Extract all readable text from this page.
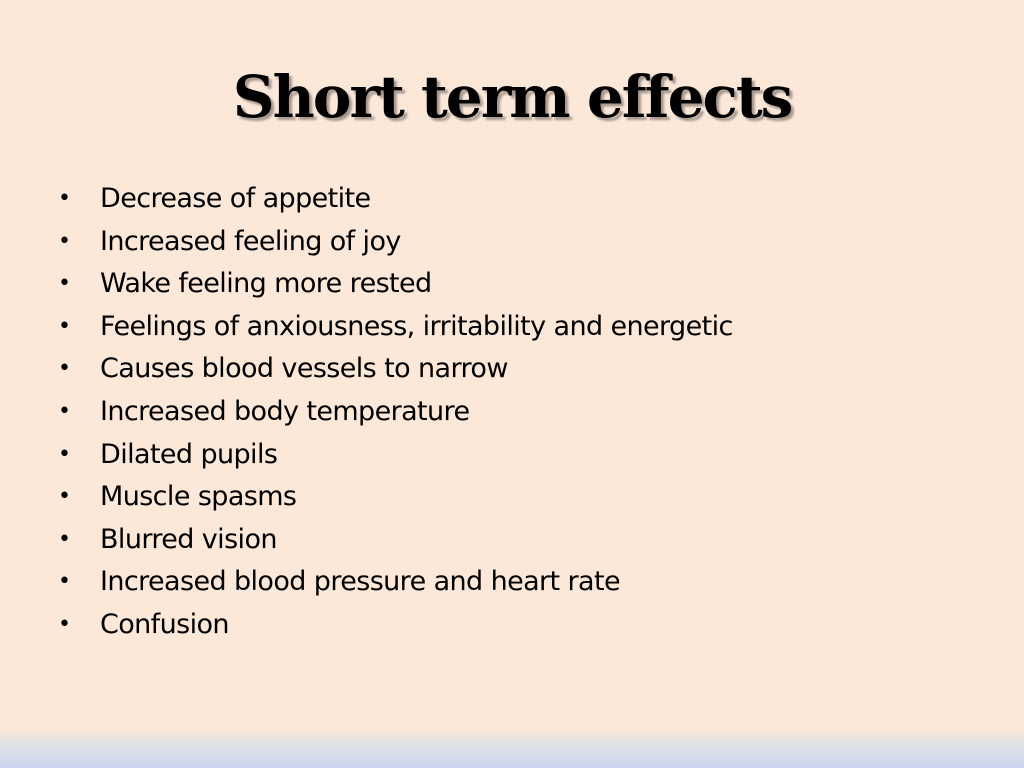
Short term effects
•	Decrease of appetite
•	Increased feeling of joy
•	Wake feeling more rested
•	Feelings of anxiousness, irritability and energetic
•	Causes blood vessels to narrow
•	Increased body temperature
•	Dilated pupils
•	Muscle spasms
•	Blurred vision
•	Increased blood pressure and heart rate
•	Confusion
